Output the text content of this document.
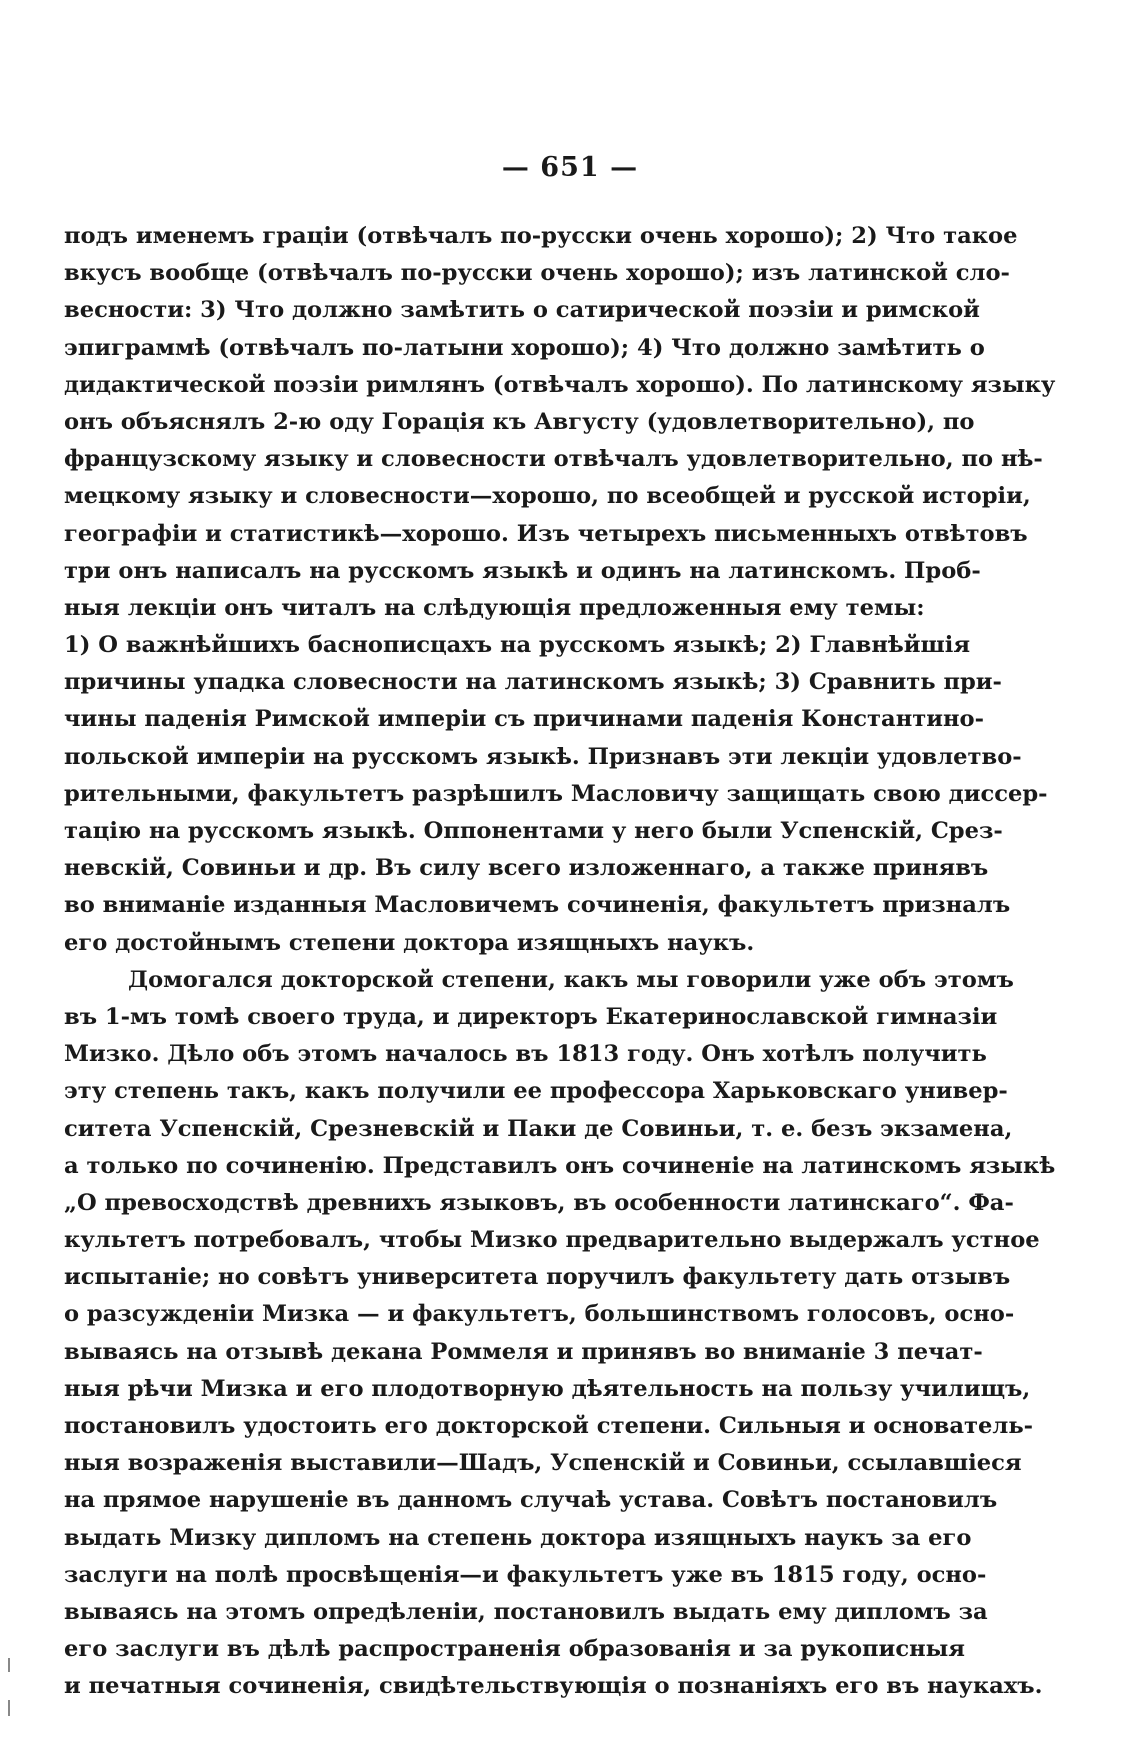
— 651 —
подъ именемъ граціи (отвѣчалъ по-русски очень хорошо); 2) Что такое
вкусъ вообще (отвѣчалъ по-русски очень хорошо); изъ латинской сло-
весности: 3) Что должно замѣтить о сатирической поэзіи и римской
эпиграммѣ (отвѣчалъ по-латыни хорошо); 4) Что должно замѣтить о
дидактической поэзіи римлянъ (отвѣчалъ хорошо). По латинскому языку
онъ объяснялъ 2-ю оду Горація къ Августу (удовлетворительно), по
французскому языку и словесности отвѣчалъ удовлетворительно, по нѣ-
мецкому языку и словесности—хорошо, по всеобщей и русской исторіи,
географіи и статистикѣ—хорошо. Изъ четырехъ письменныхъ отвѣтовъ
три онъ написалъ на русскомъ языкѣ и одинъ на латинскомъ. Проб-
ныя лекціи онъ читалъ на слѣдующія предложенныя ему темы:
1) О важнѣйшихъ баснописцахъ на русскомъ языкѣ; 2) Главнѣйшія
причины упадка словесности на латинскомъ языкѣ; 3) Сравнить при-
чины паденія Римской имперіи съ причинами паденія Константино-
польской имперіи на русскомъ языкѣ. Признавъ эти лекціи удовлетво-
рительными, факультетъ разрѣшилъ Масловичу защищать свою диссер-
тацію на русскомъ языкѣ. Оппонентами у него были Успенскій, Срез-
невскій, Совиньи и др. Въ силу всего изложеннаго, а также принявъ
во вниманіе изданныя Масловичемъ сочиненія, факультетъ призналъ
его достойнымъ степени доктора изящныхъ наукъ.
Домогался докторской степени, какъ мы говорили уже объ этомъ
въ 1-мъ томѣ своего труда, и директоръ Екатеринославской гимназіи
Мизко. Дѣло объ этомъ началось въ 1813 году. Онъ хотѣлъ получить
эту степень такъ, какъ получили ее профессора Харьковскаго универ-
ситета Успенскій, Срезневскій и Паки де Совиньи, т. е. безъ экзамена,
а только по сочиненію. Представилъ онъ сочиненіе на латинскомъ языкѣ
„О превосходствѣ древнихъ языковъ, въ особенности латинскаго“. Фа-
культетъ потребовалъ, чтобы Мизко предварительно выдержалъ устное
испытаніе; но совѣтъ университета поручилъ факультету дать отзывъ
о разсужденіи Мизка — и факультетъ, большинствомъ голосовъ, осно-
вываясь на отзывѣ декана Роммеля и принявъ во вниманіе 3 печат-
ныя рѣчи Мизка и его плодотворную дѣятельность на пользу училищъ,
постановилъ удостоить его докторской степени. Сильныя и основатель-
ныя возраженія выставили—Шадъ, Успенскій и Совиньи, ссылавшіеся
на прямое нарушеніе въ данномъ случаѣ устава. Совѣтъ постановилъ
выдать Мизку дипломъ на степень доктора изящныхъ наукъ за его
заслуги на полѣ просвѣщенія—и факультетъ уже въ 1815 году, осно-
вываясь на этомъ опредѣленіи, постановилъ выдать ему дипломъ за
его заслуги въ дѣлѣ распространенія образованія и за рукописныя
и печатныя сочиненія, свидѣтельствующія о познаніяхъ его въ наукахъ.
